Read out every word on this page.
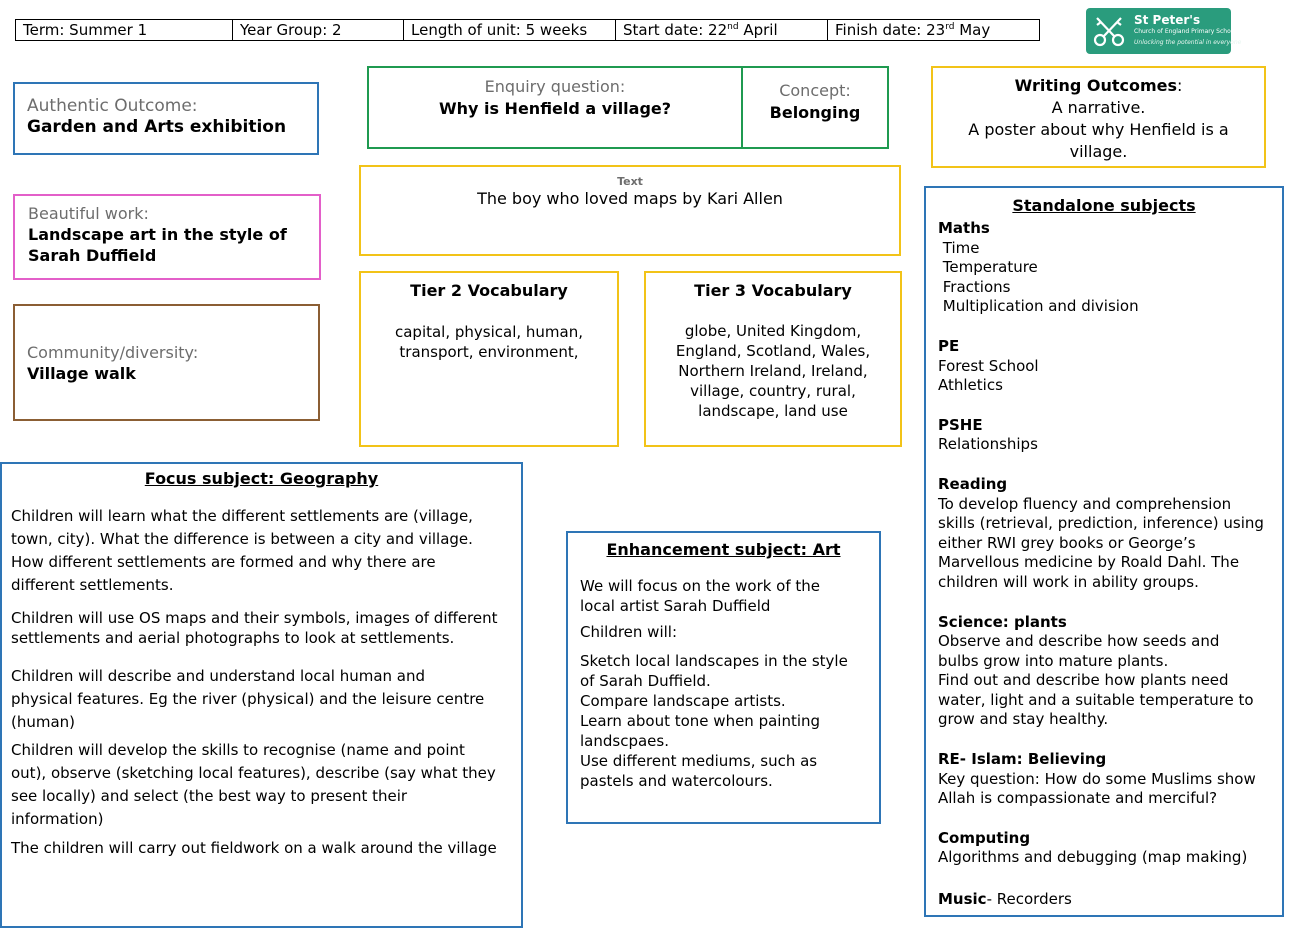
Term: Summer 1	Year Group: 2	Length of unit: 5 weeks	Start date: 22nd April	Finish date: 23rd May
St Peter's
Church of England Primary School
Unlocking the potential in everyone
Authentic Outcome:
Garden and Arts exhibition
Beautiful work:
Landscape art in the style of
Sarah Duffield
Community/diversity:
Village walk
Enquiry question:
Why is Henfield a village?
Concept:
Belonging
Writing Outcomes:
A narrative.
A poster about why Henfield is a
village.
Text
The boy who loved maps by Kari Allen
Tier 2 Vocabulary
capital, physical, human,
transport, environment,
Tier 3 Vocabulary
globe, United Kingdom,
England, Scotland, Wales,
Northern Ireland, Ireland,
village, country, rural,
landscape, land use
Focus subject: Geography

Children will learn what the different settlements are (village,
town, city). What the difference is between a city and village.
How different settlements are formed and why there are
different settlements.

Children will use OS maps and their symbols, images of different
settlements and aerial photographs to look at settlements.

Children will describe and understand local human and
physical features. Eg the river (physical) and the leisure centre
(human)

Children will develop the skills to recognise (name and point
out), observe (sketching local features), describe (say what they
see locally) and select (the best way to present their
information)

The children will carry out fieldwork on a walk around the village

Enhancement subject: Art

We will focus on the work of the
local artist Sarah Duffield

Children will:

Sketch local landscapes in the style
of Sarah Duffield.
Compare landscape artists.
Learn about tone when painting
landscpaes.
Use different mediums, such as
pastels and watercolours.

Standalone subjects
Maths
Time
Temperature
Fractions
Multiplication and division
PE
Forest School
Athletics
PSHE
Relationships
Reading
To develop fluency and comprehension
skills (retrieval, prediction, inference) using
either RWI grey books or George’s
Marvellous medicine by Roald Dahl. The
children will work in ability groups.
Science: plants
Observe and describe how seeds and
bulbs grow into mature plants.
Find out and describe how plants need
water, light and a suitable temperature to
grow and stay healthy.
RE- Islam: Believing
Key question: How do some Muslims show
Allah is compassionate and merciful?
Computing
Algorithms and debugging (map making)
Music- Recorders
